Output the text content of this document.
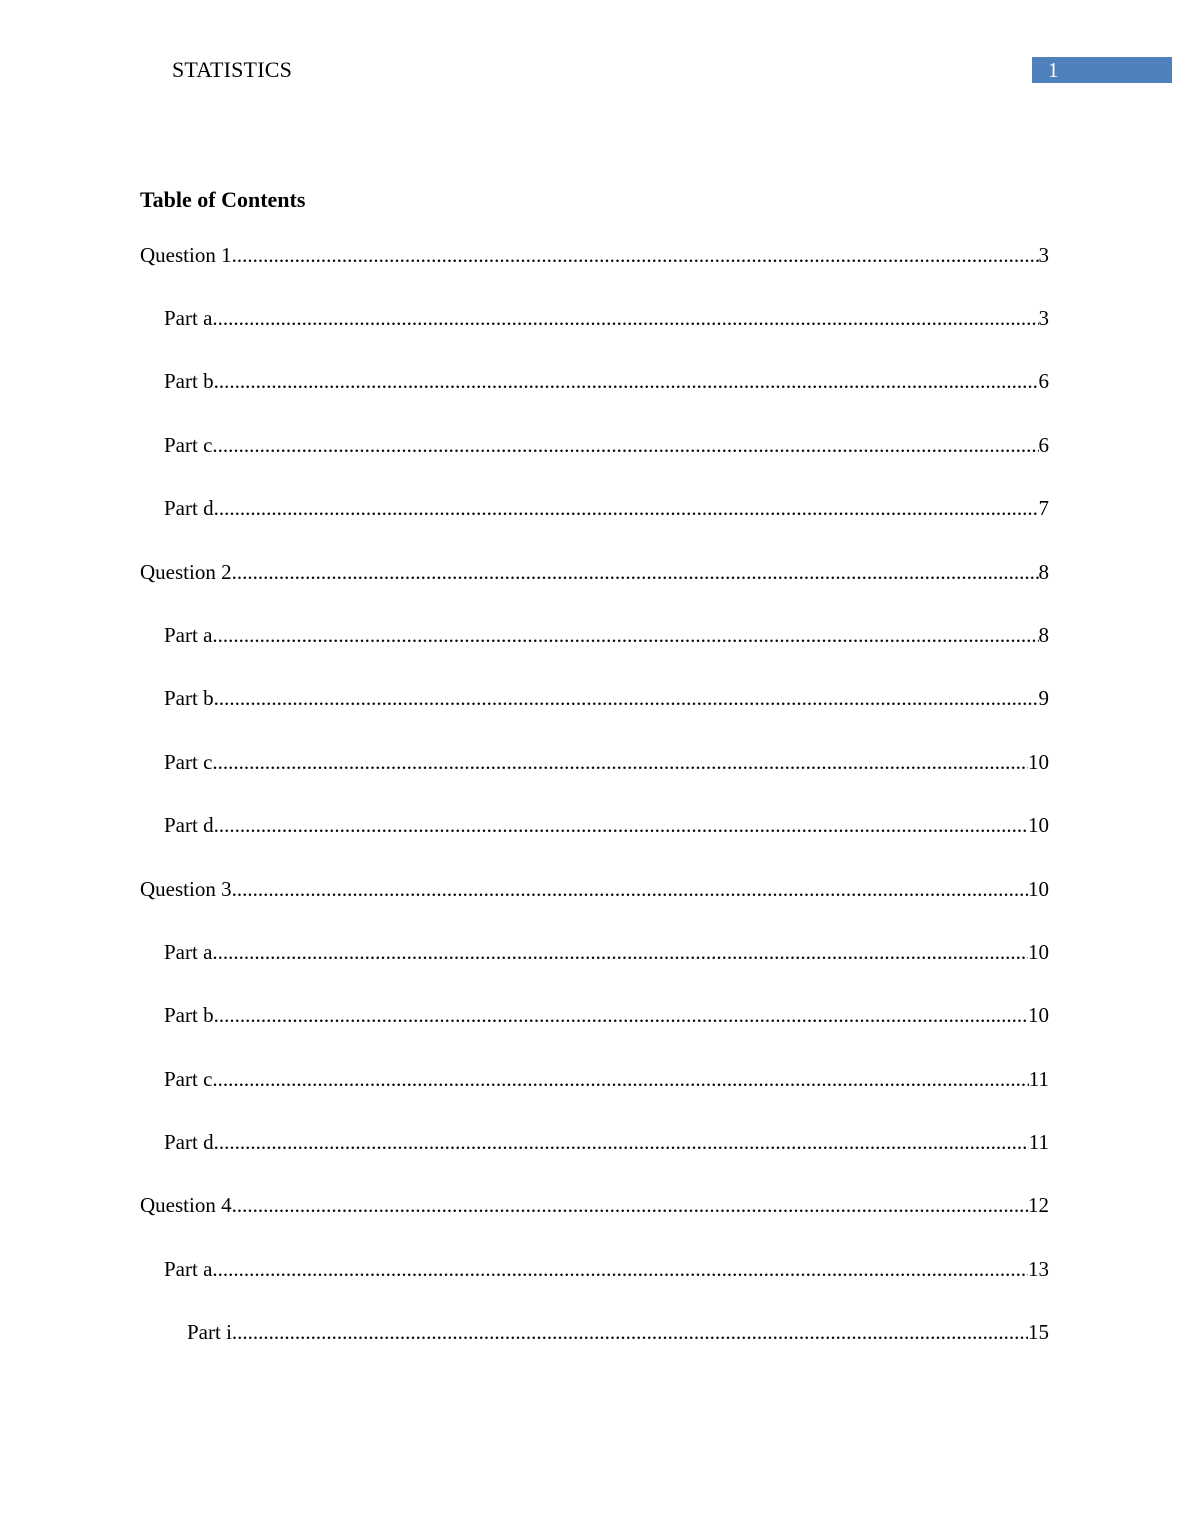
STATISTICS	1
Table of Contents
Question 1 .....	3
Part a .....	3
Part b .....	6
Part c .....	6
Part d .....	7
Question 2 .....	8
Part a .....	8
Part b .....	9
Part c .....	10
Part d .....	10
Question 3 .....	10
Part a .....	10
Part b .....	10
Part c .....	11
Part d .....	11
Question 4 .....	12
Part a .....	13
Part i .....	15
